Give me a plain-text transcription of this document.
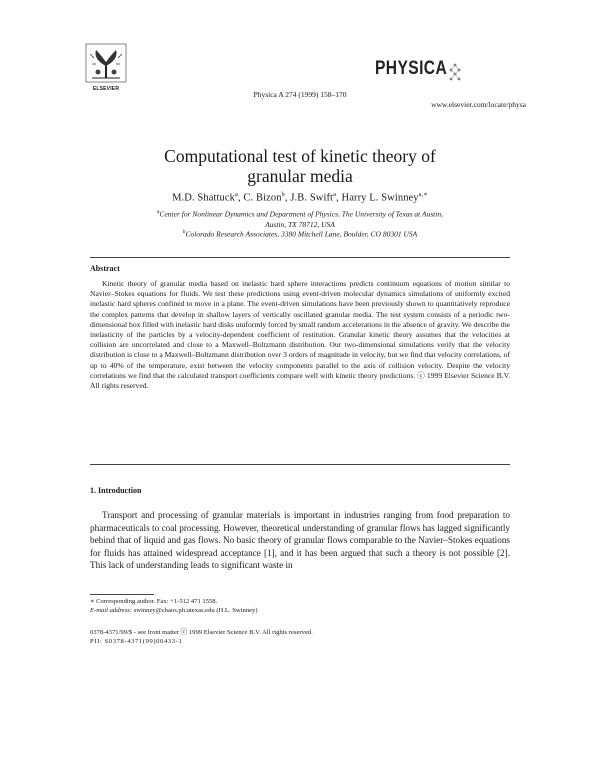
ELSEVIER
Physica A 274 (1999) 158–170
PHYSICA
www.elsevier.com/locate/physa
Computational test of kinetic theory of
granular media
M.D. Shattuck$^a$, C. Bizon$^b$, J.B. Swift$^a$, Harry L. Swinney$^{a,∗}$
$^a$Center for Nonlinear Dynamics and Department of Physics, The University of Texas at Austin,
Austin, TX 78712, USA
$^b$Colorado Research Associates, 3380 Mitchell Lane, Boulder, CO 80301 USA
Abstract

Kinetic theory of granular media based on inelastic hard sphere interactions predicts continuum equations of motion similar to Navier–Stokes equations for fluids. We test these predictions using event-driven molecular dynamics simulations of uniformly excited inelastic hard spheres confined to move in a plane. The event-driven simulations have been previously shown to quantitatively reproduce the complex patterns that develop in shallow layers of vertically oscillated granular media. The test system consists of a periodic two-dimensional box filled with inelastic hard disks uniformly forced by small random accelerations in the absence of gravity. We describe the inelasticity of the particles by a velocity-dependent coefficient of restitution. Granular kinetic theory assumes that the velocities at collision are uncorrelated and close to a Maxwell–Boltzmann distribution. Our two-dimensional simulations verify that the velocity distribution is close to a Maxwell–Boltzmann distribution over 3 orders of magnitude in velocity, but we find that velocity correlations, of up to 40% of the temperature, exist between the velocity components parallel to the axis of collision velocity. Despite the velocity correlations we find that the calculated transport coefficients compare well with kinetic theory predictions. ⓒ 1999 Elsevier Science B.V. All rights reserved.

1. Introduction

Transport and processing of granular materials is important in industries ranging from food preparation to pharmaceuticals to coal processing. However, theoretical understanding of granular flows has lagged significantly behind that of liquid and gas flows. No basic theory of granular flows comparable to the Navier–Stokes equations for fluids has attained widespread acceptance [1], and it has been argued that such a theory is not possible [2]. This lack of understanding leads to significant waste in

∗ Corresponding author. Fax: +1-512 471 1558.
E-mail address: swinney@chaos.ph.utexas.edu (H.L. Swinney)
0378-4371/99/$ - see front matter ⓒ 1999 Elsevier Science B.V. All rights reserved.
PII: S0378-4371(99)00433-1
